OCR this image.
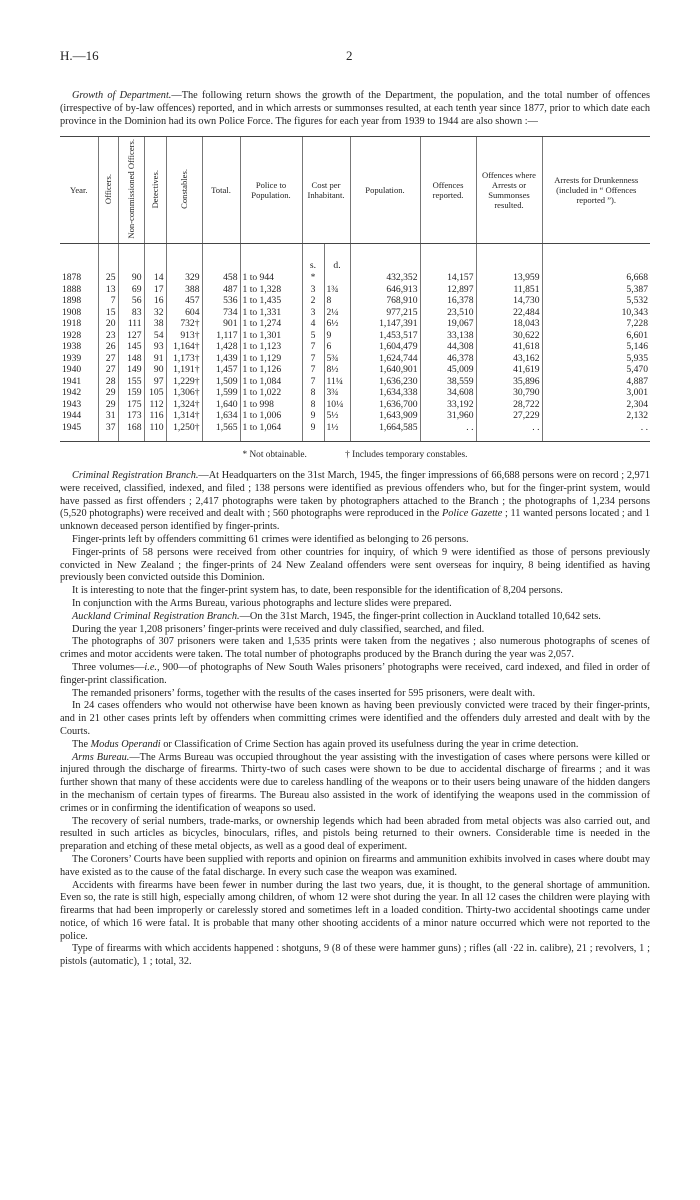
H.—16	2

Growth of Department.—The following return shows the growth of the Department, the population, and the total number of offences (irrespective of by-law offences) reported, and in which arrests or summonses resulted, at each tenth year since 1877, prior to which date each province in the Dominion had its own Police Force. The figures for each year from 1939 to 1944 are also shown :—

Year.	Officers.	Non-commissioned Officers.	Detectives.	Constables.	Total.	Police to Population.	Cost per Inhabitant.		Population.	Offences reported.	Offences where Arrests or Summonses resulted.	Arrests for Drunkenness (included in “ Offences reported ”).
							s.	d.				
1878	25	90	14	329	458	1 to 944	*		432,352	14,157	13,959	6,668
1888	13	69	17	388	487	1 to 1,328	3	1¾	646,913	12,897	11,851	5,387
1898	7	56	16	457	536	1 to 1,435	2	8	768,910	16,378	14,730	5,532
1908	15	83	32	604	734	1 to 1,331	3	2¼	977,215	23,510	22,484	10,343
1918	20	111	38	732†	901	1 to 1,274	4	6½	1,147,391	19,067	18,043	7,228
1928	23	127	54	913†	1,117	1 to 1,301	5	9	1,453,517	33,138	30,622	6,601
1938	26	145	93	1,164†	1,428	1 to 1,123	7	6	1,604,479	44,308	41,618	5,146
1939	27	148	91	1,173†	1,439	1 to 1,129	7	5¾	1,624,744	46,378	43,162	5,935
1940	27	149	90	1,191†	1,457	1 to 1,126	7	8½	1,640,901	45,009	41,619	5,470
1941	28	155	97	1,229†	1,509	1 to 1,084	7	11¼	1,636,230	38,559	35,896	4,887
1942	29	159	105	1,306†	1,599	1 to 1,022	8	3¾	1,634,338	34,608	30,790	3,001
1943	29	175	112	1,324†	1,640	1 to 998	8	10¼	1,636,700	33,192	28,722	2,304
1944	31	173	116	1,314†	1,634	1 to 1,006	9	5½	1,643,909	31,960	27,229	2,132
1945	37	168	110	1,250†	1,565	1 to 1,064	9	1½	1,664,585	. .	. .	. .
* Not obtainable.	† Includes temporary constables.

Criminal Registration Branch.—At Headquarters on the 31st March, 1945, the finger impressions of 66,688 persons were on record ; 2,971 were received, classified, indexed, and filed ; 138 persons were identified as previous offenders who, but for the finger-print system, would have passed as first offenders ; 2,417 photographs were taken by photographers attached to the Branch ; the photographs of 1,234 persons (5,520 photographs) were received and dealt with ; 560 photographs were reproduced in the Police Gazette ; 11 wanted persons located ; and 1 unknown deceased person identified by finger-prints.

Finger-prints left by offenders committing 61 crimes were identified as belonging to 26 persons.

Finger-prints of 58 persons were received from other countries for inquiry, of which 9 were identified as those of persons previously convicted in New Zealand ; the finger-prints of 24 New Zealand offenders were sent overseas for inquiry, 8 being identified as having previously been convicted outside this Dominion.

It is interesting to note that the finger-print system has, to date, been responsible for the identification of 8,204 persons.

In conjunction with the Arms Bureau, various photographs and lecture slides were prepared.

Auckland Criminal Registration Branch.—On the 31st March, 1945, the finger-print collection in Auckland totalled 10,642 sets.

During the year 1,208 prisoners’ finger-prints were received and duly classified, searched, and filed.

The photographs of 307 prisoners were taken and 1,535 prints were taken from the negatives ; also numerous photographs of scenes of crimes and motor accidents were taken. The total number of photographs produced by the Branch during the year was 2,057.

Three volumes—i.e., 900—of photographs of New South Wales prisoners’ photographs were received, card indexed, and filed in order of finger-print classification.

The remanded prisoners’ forms, together with the results of the cases inserted for 595 prisoners, were dealt with.

In 24 cases offenders who would not otherwise have been known as having been previously convicted were traced by their finger-prints, and in 21 other cases prints left by offenders when committing crimes were identified and the offenders duly arrested and dealt with by the Courts.

The Modus Operandi or Classification of Crime Section has again proved its usefulness during the year in crime detection.

Arms Bureau.—The Arms Bureau was occupied throughout the year assisting with the investigation of cases where persons were killed or injured through the discharge of firearms. Thirty-two of such cases were shown to be due to accidental discharge of firearms ; and it was further shown that many of these accidents were due to careless handling of the weapons or to their users being unaware of the hidden dangers in the mechanism of certain types of firearms. The Bureau also assisted in the work of identifying the weapons used in the commission of crimes or in confirming the identification of weapons so used.

The recovery of serial numbers, trade-marks, or ownership legends which had been abraded from metal objects was also carried out, and resulted in such articles as bicycles, binoculars, rifles, and pistols being returned to their owners. Considerable time is needed in the preparation and etching of these metal objects, as well as a good deal of experiment.

The Coroners’ Courts have been supplied with reports and opinion on firearms and ammunition exhibits involved in cases where doubt may have existed as to the cause of the fatal discharge. In every such case the weapon was examined.

Accidents with firearms have been fewer in number during the last two years, due, it is thought, to the general shortage of ammunition. Even so, the rate is still high, especially among children, of whom 12 were shot during the year. In all 12 cases the children were playing with firearms that had been improperly or carelessly stored and sometimes left in a loaded condition. Thirty-two accidental shootings came under notice, of which 16 were fatal. It is probable that many other shooting accidents of a minor nature occurred which were not reported to the police.

Type of firearms with which accidents happened : shotguns, 9 (8 of these were hammer guns) ; rifles (all ·22 in. calibre), 21 ; revolvers, 1 ; pistols (automatic), 1 ; total, 32.
